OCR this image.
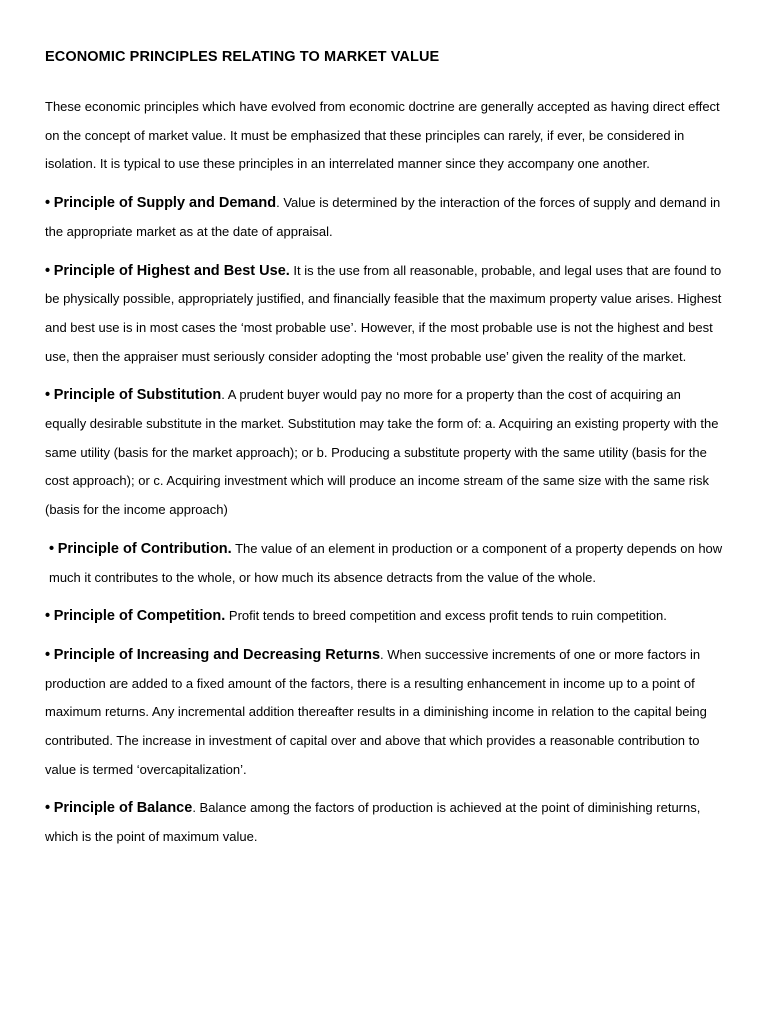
ECONOMIC PRINCIPLES RELATING TO MARKET VALUE

These economic principles which have evolved from economic doctrine are generally accepted as having direct effect on the concept of market value. It must be emphasized that these principles can rarely, if ever, be considered in isolation. It is typical to use these principles in an interrelated manner since they accompany one another.

• Principle of Supply and Demand. Value is determined by the interaction of the forces of supply and demand in the appropriate market as at the date of appraisal.

• Principle of Highest and Best Use. It is the use from all reasonable, probable, and legal uses that are found to be physically possible, appropriately justified, and financially feasible that the maximum property value arises. Highest and best use is in most cases the ‘most probable use’. However, if the most probable use is not the highest and best use, then the appraiser must seriously consider adopting the ‘most probable use’ given the reality of the market.

• Principle of Substitution. A prudent buyer would pay no more for a property than the cost of acquiring an equally desirable substitute in the market. Substitution may take the form of: a. Acquiring an existing property with the same utility (basis for the market approach); or b. Producing a substitute property with the same utility (basis for the cost approach); or c. Acquiring investment which will produce an income stream of the same size with the same risk (basis for the income approach)

• Principle of Contribution. The value of an element in production or a component of a property depends on how much it contributes to the whole, or how much its absence detracts from the value of the whole.

• Principle of Competition. Profit tends to breed competition and excess profit tends to ruin competition.

• Principle of Increasing and Decreasing Returns. When successive increments of one or more factors in production are added to a fixed amount of the factors, there is a resulting enhancement in income up to a point of maximum returns. Any incremental addition thereafter results in a diminishing income in relation to the capital being contributed. The increase in investment of capital over and above that which provides a reasonable contribution to value is termed ‘overcapitalization’.

• Principle of Balance. Balance among the factors of production is achieved at the point of diminishing returns, which is the point of maximum value.
